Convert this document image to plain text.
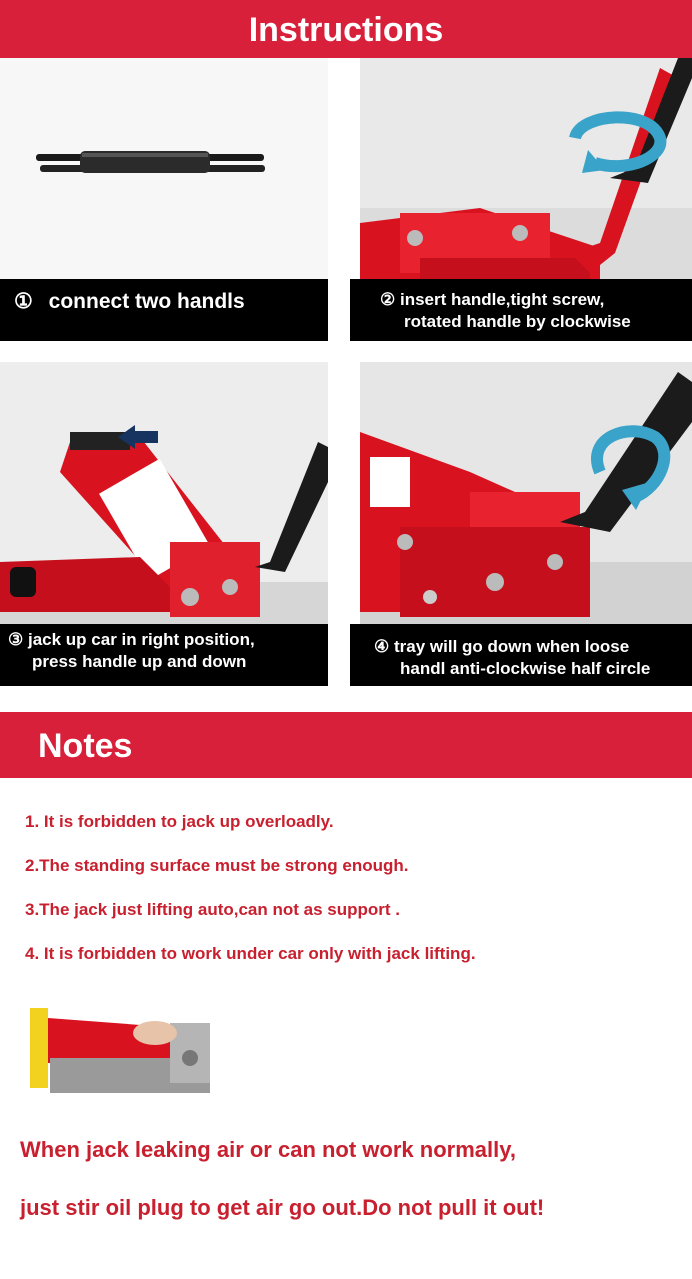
Instructions
① connect two handls	② insert handle,tight screw,
rotated handle by clockwise
③ jack up car in right position,
press handle up and down
④ tray will go down when loose
handl anti-clockwise half circle
Notes
1. It is forbidden to jack up overloadly.
2.The standing surface must be strong enough.
3.The jack just lifting auto,can not as support .
4. It is forbidden to work under car only with jack lifting.
When jack leaking air or can not work normally,
just stir oil plug to get air go out.Do not pull it out!
